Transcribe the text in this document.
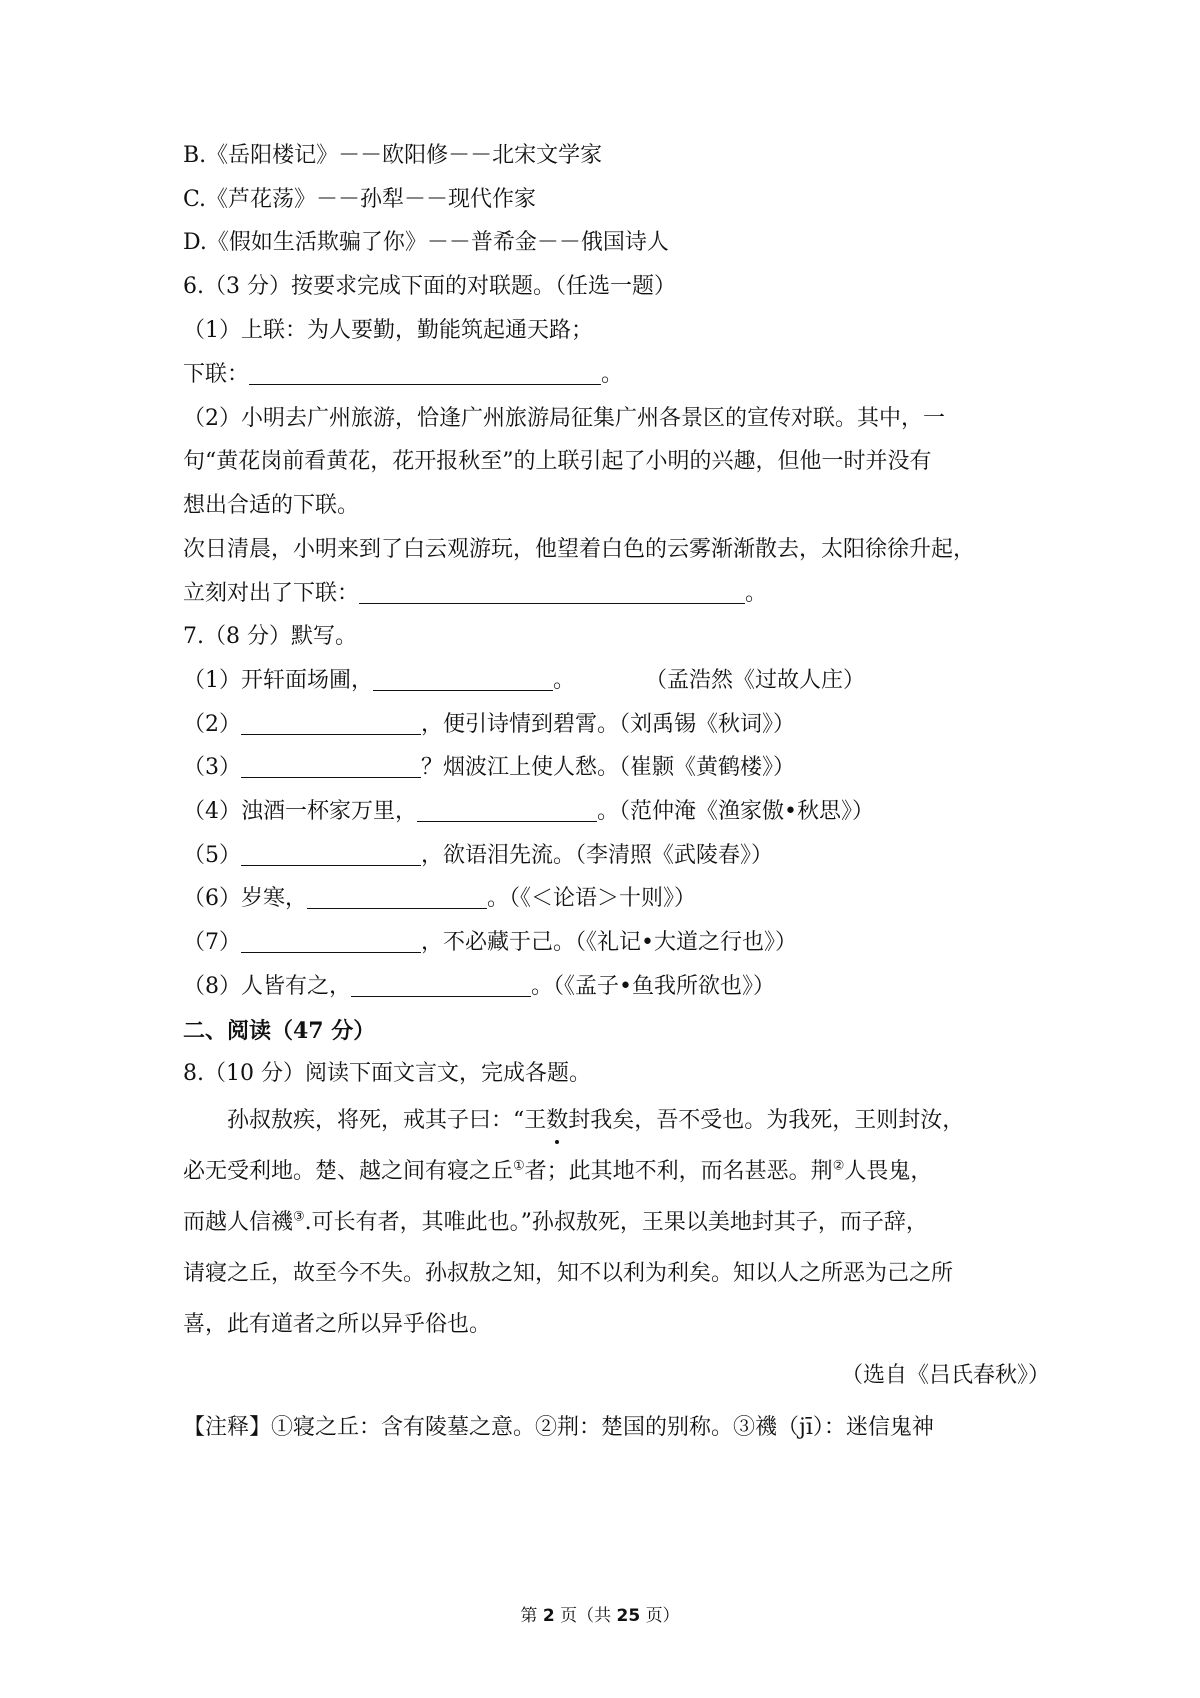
B.《岳阳楼记》－－欧阳修－－北宋文学家
C.《芦花荡》－－孙犁－－现代作家
D.《假如生活欺骗了你》－－普希金－－俄国诗人
6.（3 分）按要求完成下面的对联题。（任选一题）
（1）上联：为人要勤，勤能筑起通天路；
下联：	。
（2）小明去广州旅游，恰逢广州旅游局征集广州各景区的宣传对联。其中，一
句“黄花岗前看黄花，花开报秋至”的上联引起了小明的兴趣，但他一时并没有
想出合适的下联。
次日清晨，小明来到了白云观游玩，他望着白色的云雾渐渐散去，太阳徐徐升起，
立刻对出了下联：	。
7.（8 分）默写。
（1）开轩面场圃，	。	（孟浩然《过故人庄）
（2）	，便引诗情到碧霄。（刘禹锡《秋词》）
（3）	？烟波江上使人愁。（崔颢《黄鹤楼》）
（4）浊酒一杯家万里，	。（范仲淹《渔家傲•秋思》）
（5）	，欲语泪先流。（李清照《武陵春》）
（6）岁寒，	。（《＜论语＞十则》）
（7）	，不必藏于己。（《礼记•大道之行也》）
（8）人皆有之，	。（《孟子•鱼我所欲也》）
二、阅读（47 分）
8.（10 分）阅读下面文言文，完成各题。
孙叔敖疾，将死，戒其子曰：“王数封我矣，吾不受也。为我死，王则封汝，
必无受利地。楚、越之间有寝之丘①者；此其地不利，而名甚恶。荆②人畏鬼，
而越人信禨③.可长有者，其唯此也。”孙叔敖死，王果以美地封其子，而子辞，
请寝之丘，故至今不失。孙叔敖之知，知不以利为利矣。知以人之所恶为己之所
喜，此有道者之所以异乎俗也。
（选自《吕氏春秋》）
【注释】①寝之丘：含有陵墓之意。②荆：楚国的别称。③禨（jī）：迷信鬼神
第 2 页（共 25 页）
